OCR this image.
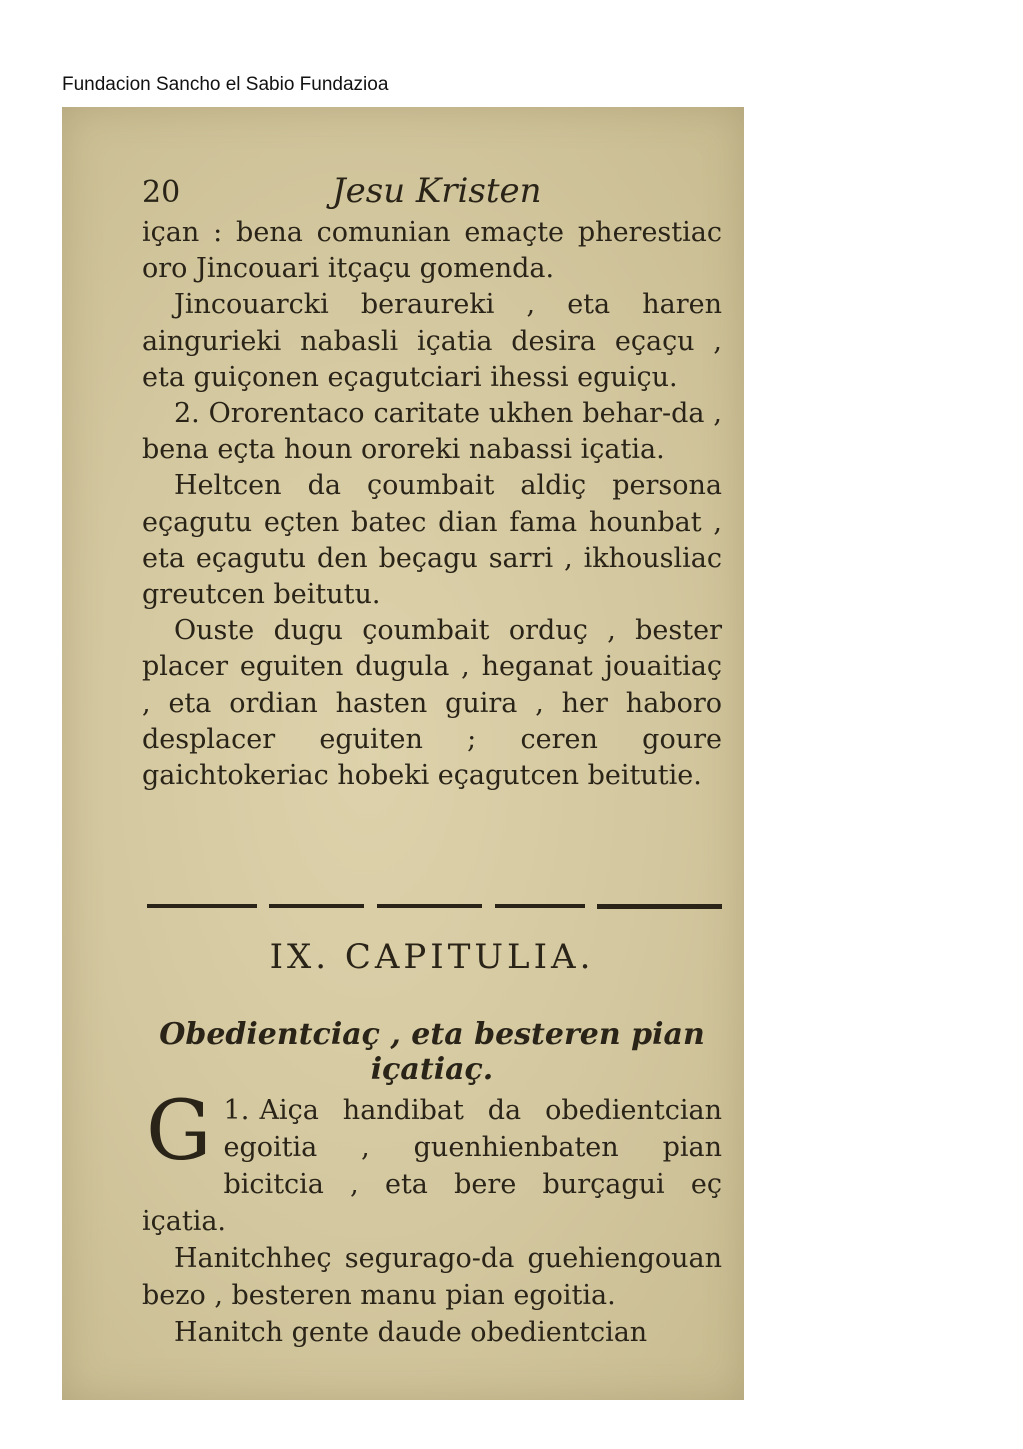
Fundacion Sancho el Sabio Fundazioa
20	Jesu Kristen

içan : bena comunian emaçte pherestiac oro Jincouari itçaçu gomenda.

Jincouarcki beraureki , eta haren aingurieki nabasli içatia desira eçaçu , eta guiçonen eçagutciari ihessi eguiçu.

2. Ororentaco caritate ukhen behar-da , bena eçta houn ororeki nabassi içatia.

Heltcen da çoumbait aldiç persona eçagutu eçten batec dian fama hounbat , eta eçagutu den beçagu sarri , ikhousliac greutcen beitutu.

Ouste dugu çoumbait orduç , bester placer eguiten dugula , heganat jouaitiaç , eta ordian hasten guira , her haboro desplacer eguiten ; ceren goure gaichtokeriac hobeki eçagutcen beitutie.

IX. CAPITULIA.
Obedientciaç , eta besteren pian içatiaç.

1.
G Aiça handibat da obedientcian egoitia , guenhienbaten pian bicitcia , eta bere burçagui eç içatia.

Hanitchheç segurago-da guehiengouan bezo , besteren manu pian egoitia.

Hanitch gente daude obedientcian
